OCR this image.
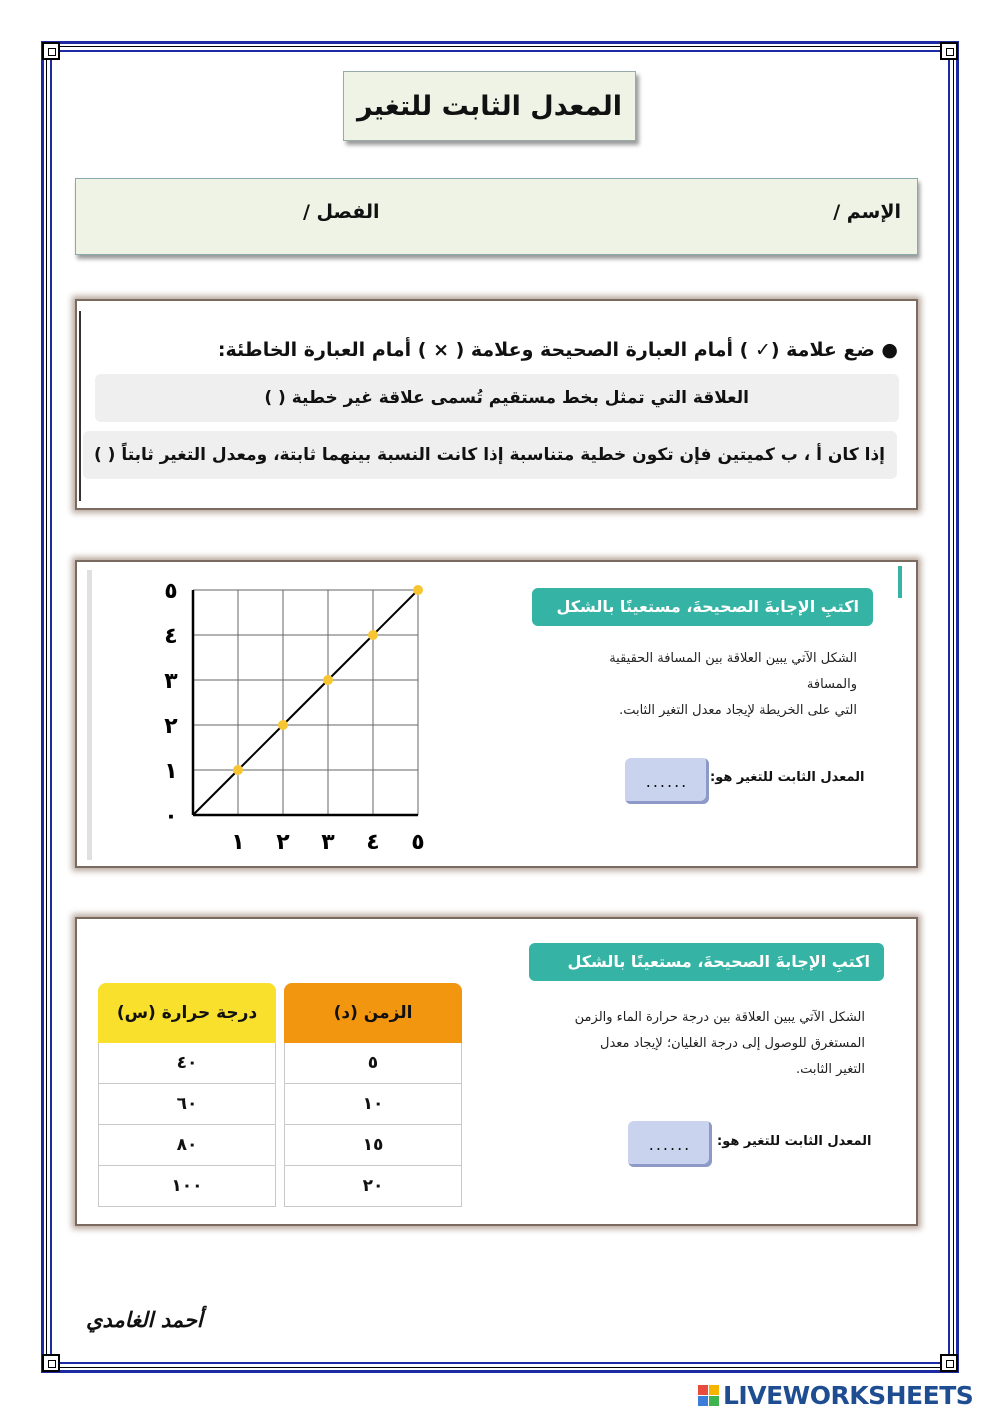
المعدل الثابت للتغير
الإسم /
الفصل /
● ضع علامة (✓ ) أمام العبارة الصحيحة وعلامة ( × ) أمام العبارة الخاطئة:
العلاقة التي تمثل بخط مستقيم تُسمى علاقة غير خطية ( )
إذا كان أ ، ب كميتين فإن تكون خطية متناسبة إذا كانت النسبة بينهما ثابتة، ومعدل التغير ثابتاً ( )
١ ٢ ٣ ٤ ٥
٠
١
٢
٣
٤
٥
اكتبِ الإجابةَ الصحيحةَ، مستعينًا بالشكل التالي:
الشكل الآتي يبين العلاقة بين المسافة الحقيقية والمسافة
التي على الخريطة لإيجاد معدل التغير الثابت.
المعدل الثابت للتغير هو:
......
درجة حرارة (س)
٤٠
٦٠
٨٠
١٠٠
الزمن (د)
٥
١٠
١٥
٢٠
اكتبِ الإجابةَ الصحيحةَ، مستعينًا بالشكل التالي:
الشكل الآتي يبين العلاقة بين درجة حرارة الماء والزمن
المستغرق للوصول إلى درجة الغليان؛ لإيجاد معدل
التغير الثابت.
المعدل الثابت للتغير هو:
......
أحمد الغامدي
LIVEWORKSHEETS
